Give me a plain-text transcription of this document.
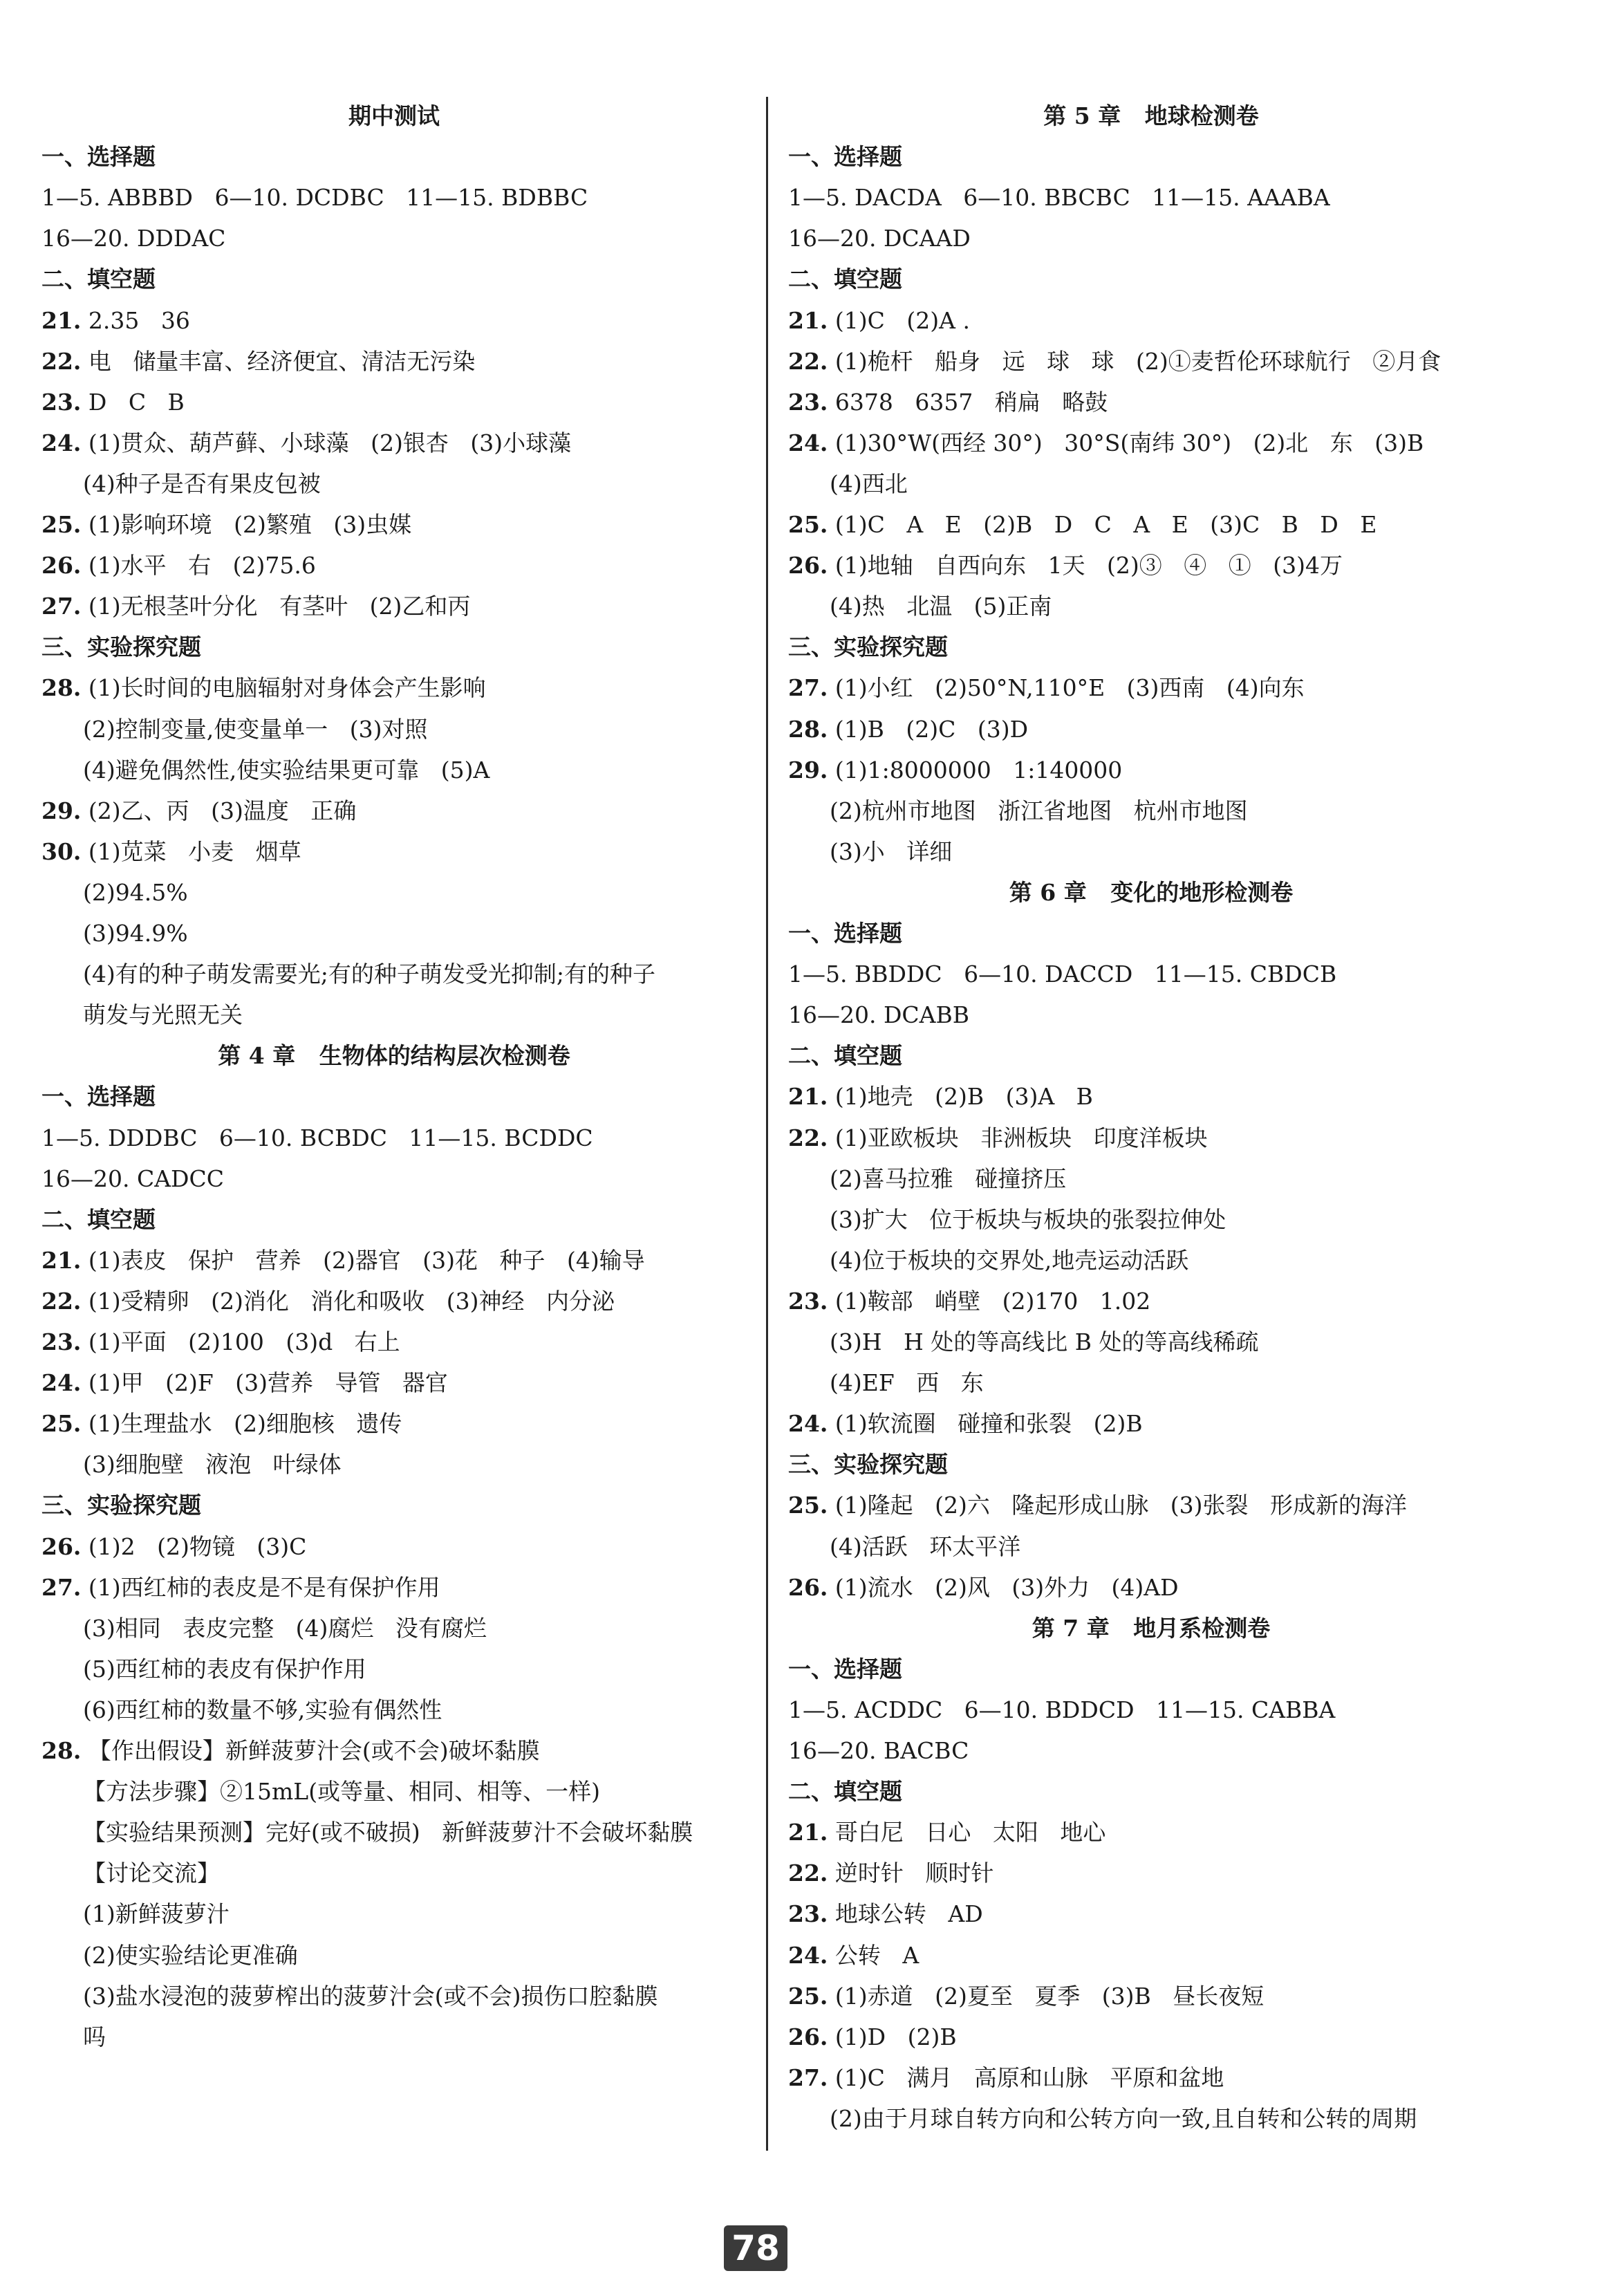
期中测试
一、选择题
1—5. ABBBD   6—10. DCDBC   11—15. BDBBC
16—20. DDDAC
二、填空题
21. 2.35   36
22. 电   储量丰富、经济便宜、清洁无污染
23. D   C   B
24. (1)贯众、葫芦藓、小球藻   (2)银杏   (3)小球藻
(4)种子是否有果皮包被
25. (1)影响环境   (2)繁殖   (3)虫媒
26. (1)水平   右   (2)75.6
27. (1)无根茎叶分化   有茎叶   (2)乙和丙
三、实验探究题
28. (1)长时间的电脑辐射对身体会产生影响
(2)控制变量,使变量单一   (3)对照
(4)避免偶然性,使实验结果更可靠   (5)A
29. (2)乙、丙   (3)温度   正确
30. (1)苋菜   小麦   烟草
(2)94.5%
(3)94.9%
(4)有的种子萌发需要光;有的种子萌发受光抑制;有的种子
萌发与光照无关
第 4 章   生物体的结构层次检测卷
一、选择题
1—5. DDDBC   6—10. BCBDC   11—15. BCDDC
16—20. CADCC
二、填空题
21. (1)表皮   保护   营养   (2)器官   (3)花   种子   (4)输导
22. (1)受精卵   (2)消化   消化和吸收   (3)神经   内分泌
23. (1)平面   (2)100   (3)d   右上
24. (1)甲   (2)F   (3)营养   导管   器官
25. (1)生理盐水   (2)细胞核   遗传
(3)细胞壁   液泡   叶绿体
三、实验探究题
26. (1)2   (2)物镜   (3)C
27. (1)西红柿的表皮是不是有保护作用
(3)相同   表皮完整   (4)腐烂   没有腐烂
(5)西红柿的表皮有保护作用
(6)西红柿的数量不够,实验有偶然性
28. 【作出假设】新鲜菠萝汁会(或不会)破坏黏膜
【方法步骤】②15mL(或等量、相同、相等、一样)
【实验结果预测】完好(或不破损)   新鲜菠萝汁不会破坏黏膜
【讨论交流】
(1)新鲜菠萝汁
(2)使实验结论更准确
(3)盐水浸泡的菠萝榨出的菠萝汁会(或不会)损伤口腔黏膜
吗
第 5 章   地球检测卷
一、选择题
1—5. DACDA   6—10. BBCBC   11—15. AAABA
16—20. DCAAD
二、填空题
21. (1)C   (2)A .
22. (1)桅杆   船身   远   球   球   (2)①麦哲伦环球航行   ②月食
23. 6378   6357   稍扁   略鼓
24. (1)30°W(西经 30°)   30°S(南纬 30°)   (2)北   东   (3)B
(4)西北
25. (1)C   A   E   (2)B   D   C   A   E   (3)C   B   D   E
26. (1)地轴   自西向东   1天   (2)③   ④   ①   (3)4万
(4)热   北温   (5)正南
三、实验探究题
27. (1)小红   (2)50°N,110°E   (3)西南   (4)向东
28. (1)B   (2)C   (3)D
29. (1)1:8000000   1:140000
(2)杭州市地图   浙江省地图   杭州市地图
(3)小   详细
第 6 章   变化的地形检测卷
一、选择题
1—5. BBDDC   6—10. DACCD   11—15. CBDCB
16—20. DCABB
二、填空题
21. (1)地壳   (2)B   (3)A   B
22. (1)亚欧板块   非洲板块   印度洋板块
(2)喜马拉雅   碰撞挤压
(3)扩大   位于板块与板块的张裂拉伸处
(4)位于板块的交界处,地壳运动活跃
23. (1)鞍部   峭壁   (2)170   1.02
(3)H   H 处的等高线比 B 处的等高线稀疏
(4)EF   西   东
24. (1)软流圈   碰撞和张裂   (2)B
三、实验探究题
25. (1)隆起   (2)六   隆起形成山脉   (3)张裂   形成新的海洋
(4)活跃   环太平洋
26. (1)流水   (2)风   (3)外力   (4)AD
第 7 章   地月系检测卷
一、选择题
1—5. ACDDC   6—10. BDDCD   11—15. CABBA
16—20. BACBC
二、填空题
21. 哥白尼   日心   太阳   地心
22. 逆时针   顺时针
23. 地球公转   AD
24. 公转   A
25. (1)赤道   (2)夏至   夏季   (3)B   昼长夜短
26. (1)D   (2)B
27. (1)C   满月   高原和山脉   平原和盆地
(2)由于月球自转方向和公转方向一致,且自转和公转的周期
78
